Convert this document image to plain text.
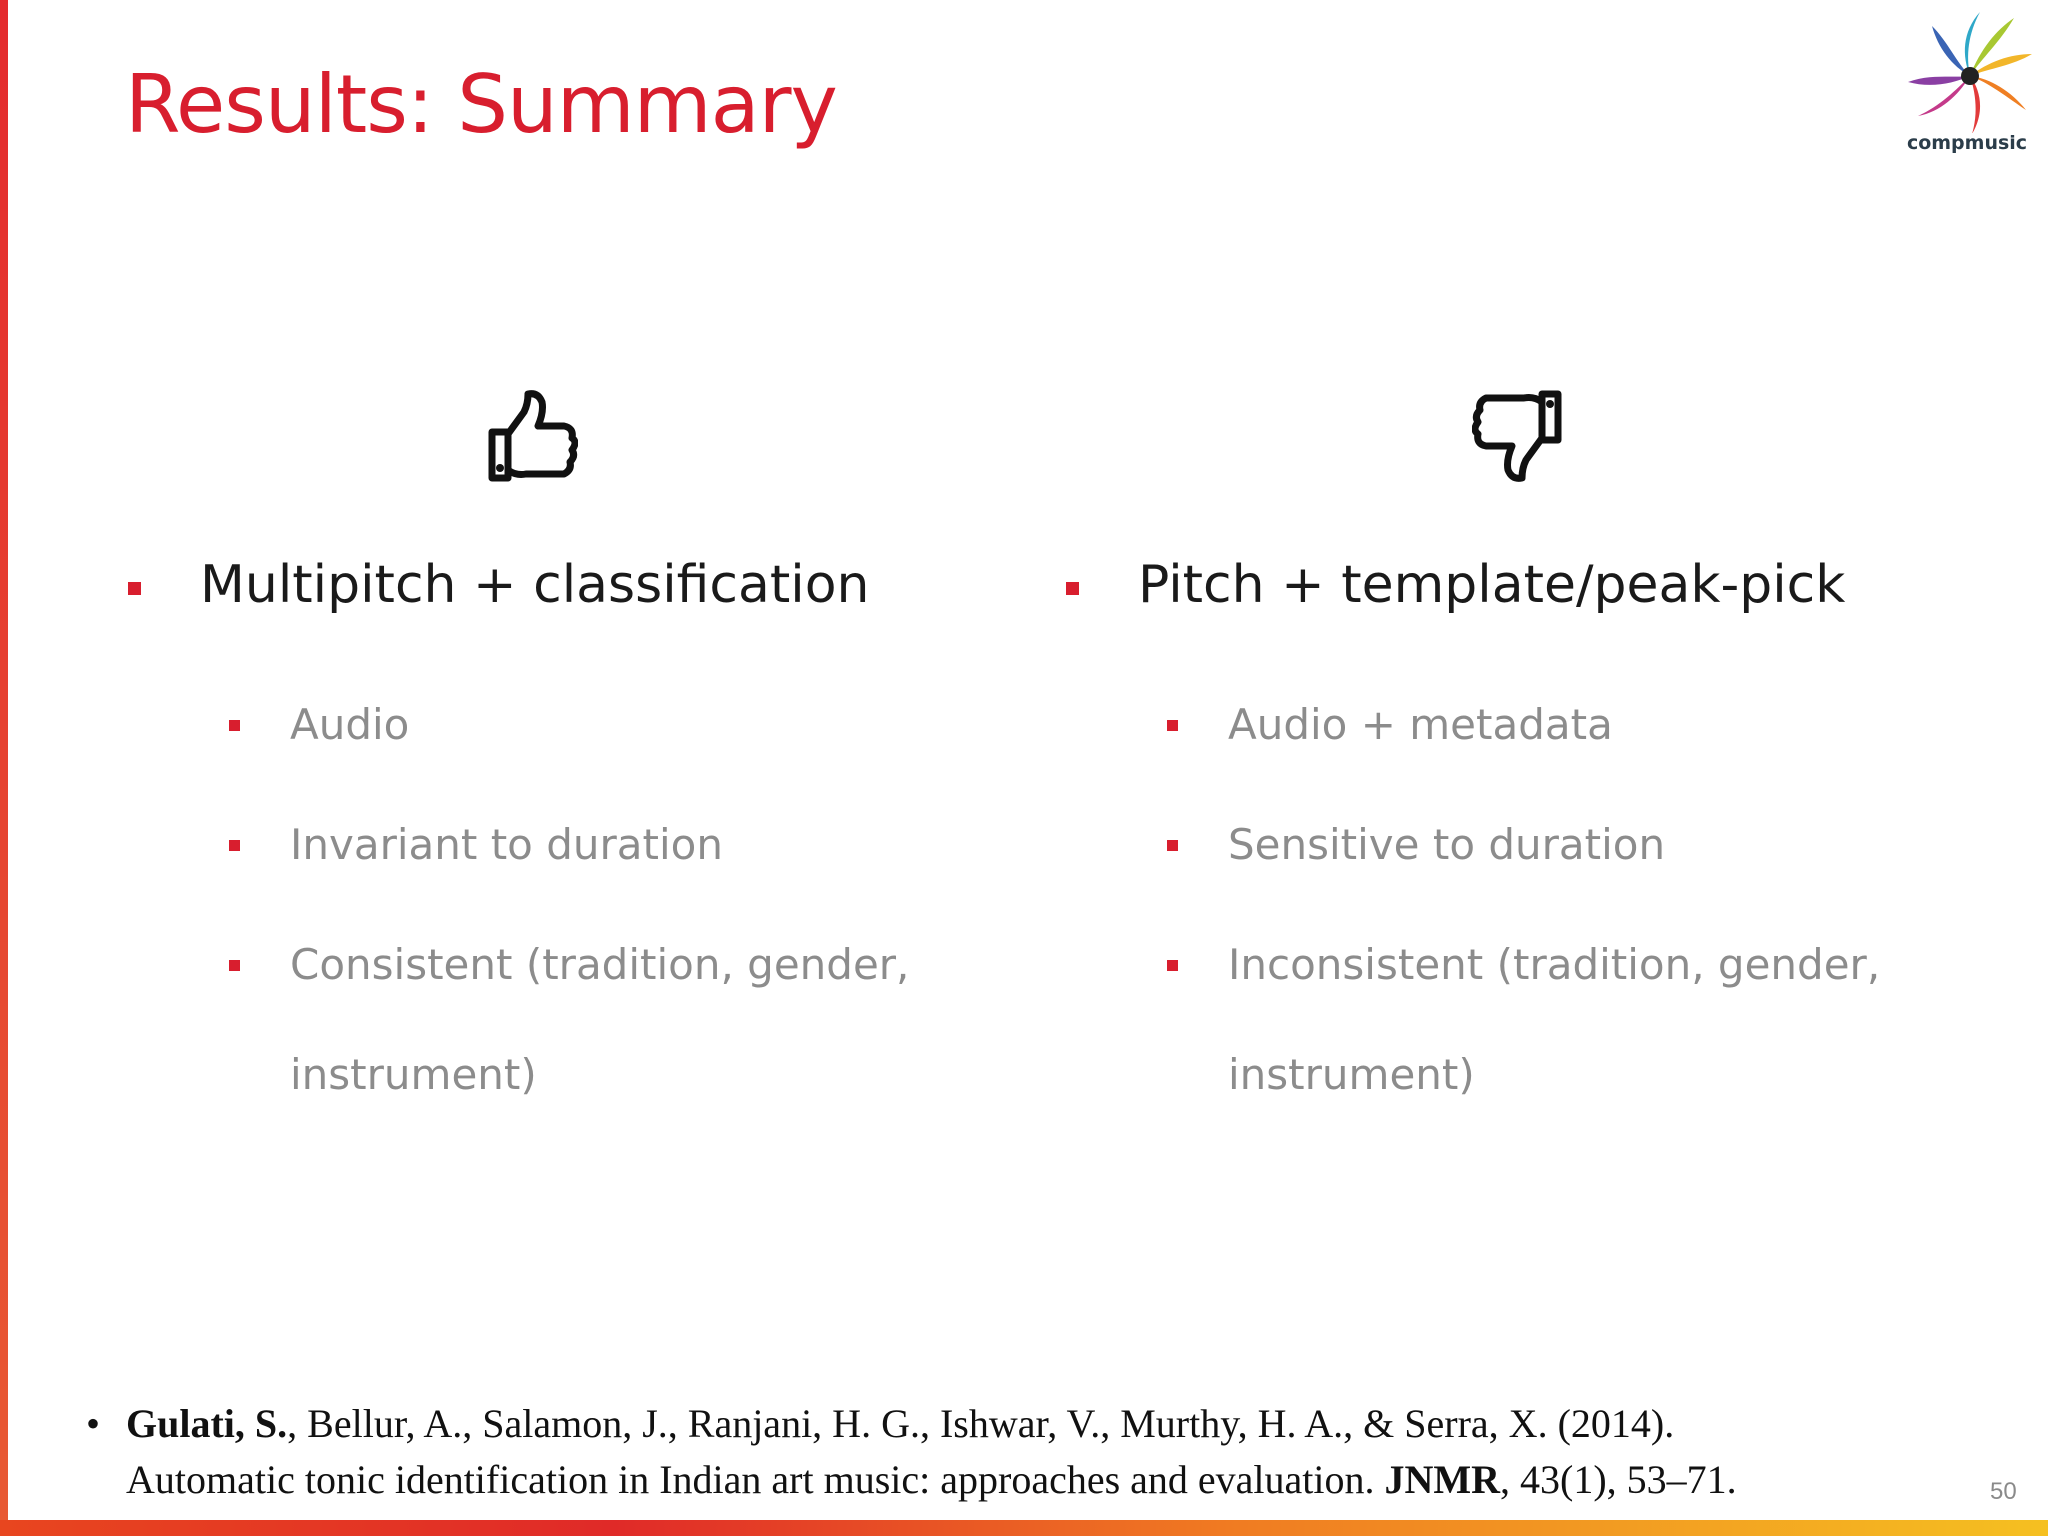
Results: Summary	compmusic
Multipitch + classification
Audio
Invariant to duration
Consistent (tradition, gender,
instrument)
Pitch + template/peak-pick
Audio + metadata
Sensitive to duration
Inconsistent (tradition, gender,
instrument)
• Gulati, S., Bellur, A., Salamon, J., Ranjani, H. G., Ishwar, V., Murthy, H. A., & Serra, X. (2014).
Automatic tonic identification in Indian art music: approaches and evaluation. JNMR, 43(1), 53–71.	50
